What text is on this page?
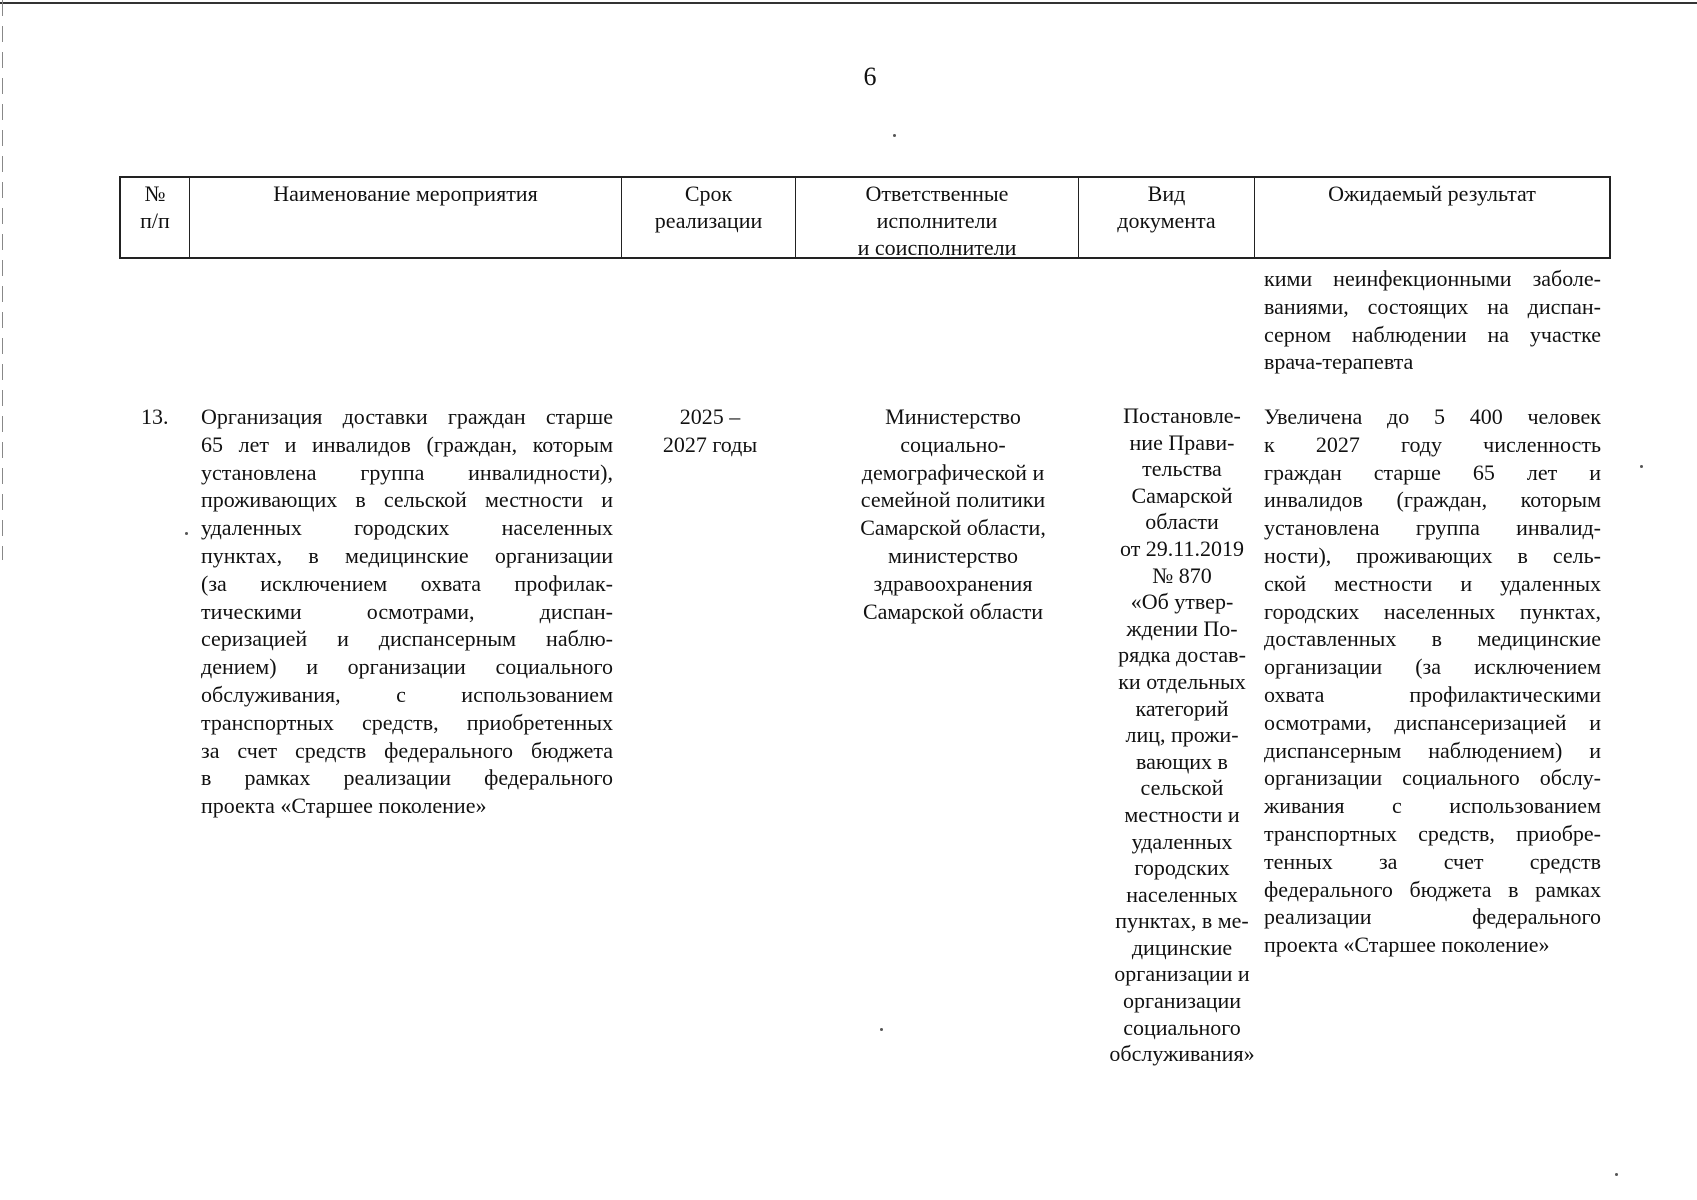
6
№
п/п
Наименование мероприятия	Срок
реализации
Ответственные
исполнители
и соисполнители
Вид
документа
Ожидаемый результат
кими неинфекционными заболе-
ваниями, состоящих на диспан-
серном наблюдении на участке
врача-терапевта
13. Организация доставки граждан старше
65 лет и инвалидов (граждан, которым
установлена группа инвалидности),
проживающих в сельской местности и
удаленных городских населенных
пунктах, в медицинские организации
(за исключением охвата профилак-
тическими осмотрами, диспан-
серизацией и диспансерным наблю-
дением) и организации социального
обслуживания, с использованием
транспортных средств, приобретенных
за счет средств федерального бюджета
в рамках реализации федерального
проекта «Старшее поколение»
2025 –
2027 годы
Министерство
социально-
демографической и
семейной политики
Самарской области,
министерство
здравоохранения
Самарской области
Постановле-
ние Прави-
тельства
Самарской
области
от 29.11.2019
№ 870
«Об утвер-
ждении По-
рядка достав-
ки отдельных
категорий
лиц, прожи-
вающих в
сельской
местности и
удаленных
городских
населенных
пунктах, в ме-
дицинские
организации и
организации
социального
обслуживания»
Увеличена до 5 400 человек
к 2027 году численность
граждан старше 65 лет и
инвалидов (граждан, которым
установлена группа инвалид-
ности), проживающих в сель-
ской местности и удаленных
городских населенных пунктах,
доставленных в медицинские
организации (за исключением
охвата профилактическими
осмотрами, диспансеризацией и
диспансерным наблюдением) и
организации социального обслу-
живания с использованием
транспортных средств, приобре-
тенных за счет средств
федерального бюджета в рамках
реализации федерального
проекта «Старшее поколение»
